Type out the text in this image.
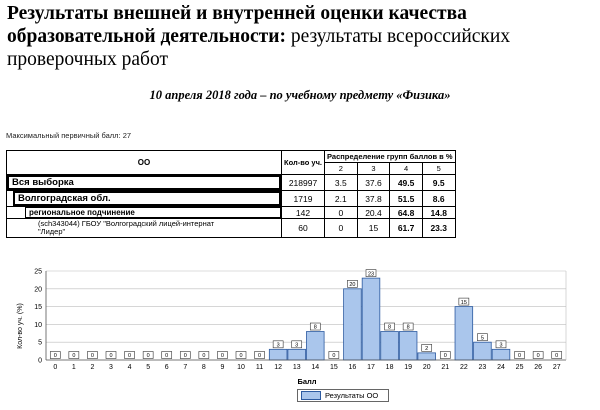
Результаты внешней и внутренней оценки качества образовательной деятельности: результаты всероссийских проверочных работ
10 апреля 2018 года – по учебному предмету «Физика»
Максимальный первичный балл: 27
ОО	Кол-во уч.	Распределение групп баллов в %			
		2	3	4	5

Вся выборка	218997	3.5	37.6	49.5	9.5

Волгоградская обл.	1719	2.1	37.8	51.5	8.6

региональное подчинение	142	0	20.4	64.8	14.8

(sch343044) ГБОУ "Волгоградский лицей-интернат "Лидер"	60	0	15	61.7	23.3
0	0	0	0	0	0	0	0	0	0	0	0
3	3
8
0
20
23
8	8
2
0
15
5
3
0	0	0
0
5
10
15
20
25
0 1 2 3 4 5 6 7 8 9 10 11 12 13 14 15 16 17 18 19 20 21 22 23 24 25 26 27
Кол-во уч. (%)
Балл
Результаты ОО
